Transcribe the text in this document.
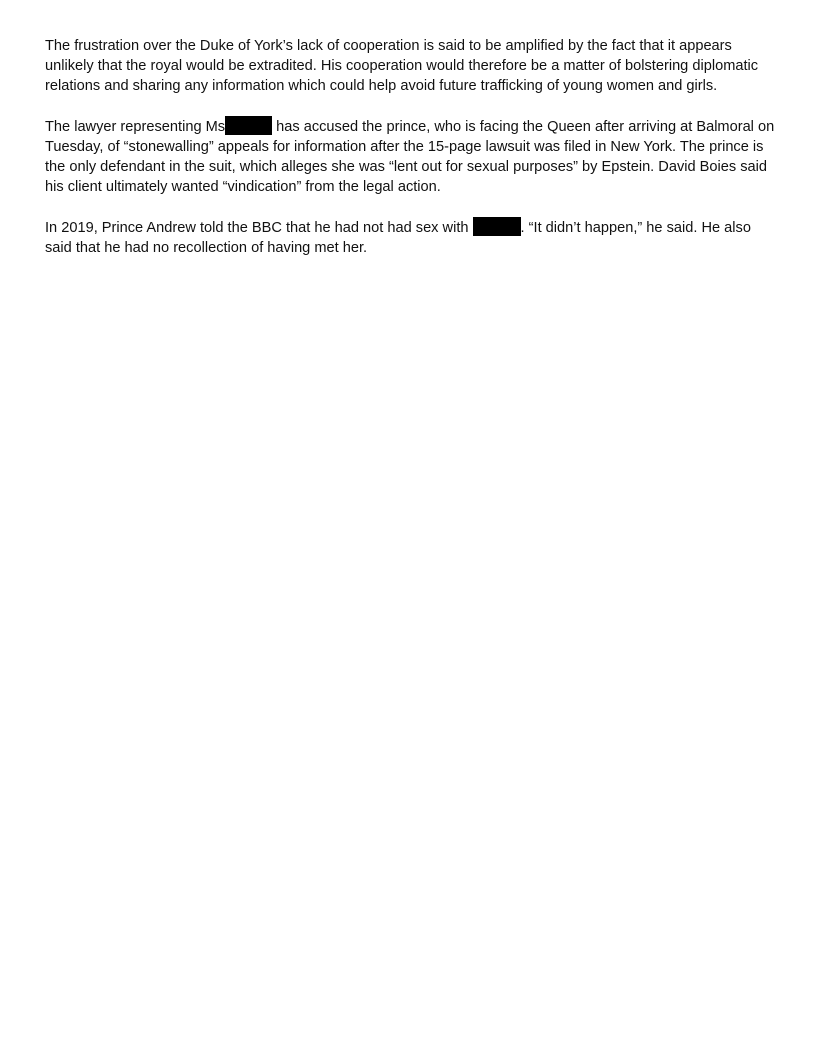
The frustration over the Duke of York’s lack of cooperation is said to be amplified by the fact that it appears unlikely that the royal would be extradited. His cooperation would therefore be a matter of bolstering diplomatic relations and sharing any information which could help avoid future trafficking of young women and girls.

The lawyer representing Ms	has accused the prince, who is facing the Queen after arriving at Balmoral on Tuesday, of “stonewalling” appeals for information after the 15-page lawsuit was filed in New York. The prince is the only defendant in the suit, which alleges she was “lent out for sexual purposes” by Epstein. David Boies said his client ultimately wanted “vindication” from the legal action.

In 2019, Prince Andrew told the BBC that he had not had sex with	. “It didn’t happen,” he said. He also said that he had no recollection of having met her.
